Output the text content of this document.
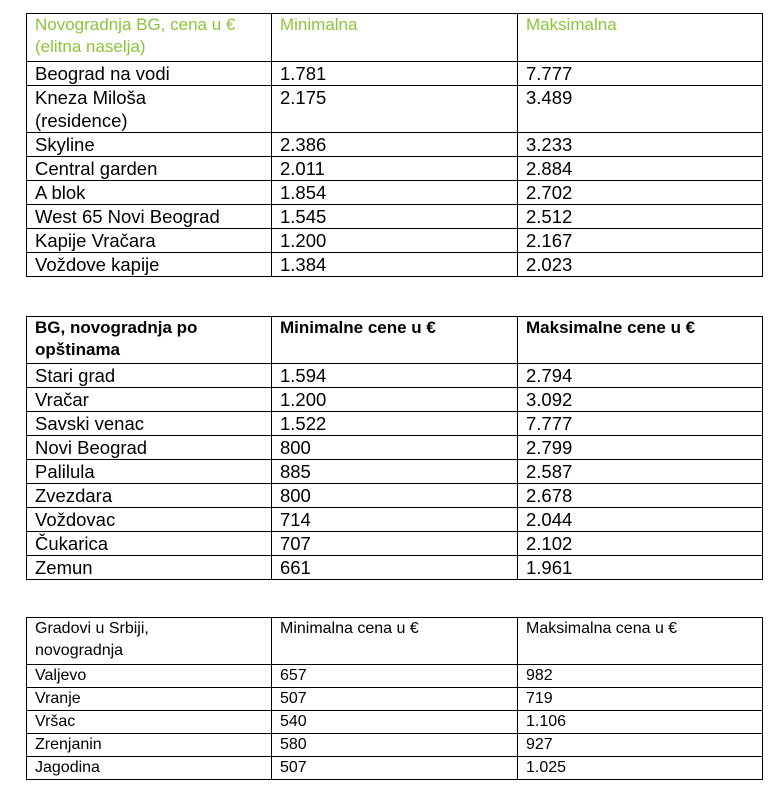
Novogradnja BG, cena u €
(elitna naselja)	Minimalna	Maksimalna
Beograd na vodi	1.781	7.777
Kneza Miloša
(residence)	2.175	3.489
Skyline	2.386	3.233
Central garden	2.011	2.884
A blok	1.854	2.702
West 65 Novi Beograd	1.545	2.512
Kapije Vračara	1.200	2.167
Voždove kapije	1.384	2.023
BG, novogradnja po
opštinama	Minimalne cene u €	Maksimalne cene u €
Stari grad	1.594	2.794
Vračar	1.200	3.092
Savski venac	1.522	7.777
Novi Beograd	800	2.799
Palilula	885	2.587
Zvezdara	800	2.678
Voždovac	714	2.044
Čukarica	707	2.102
Zemun	661	1.961
Gradovi u Srbiji,
novogradnja	Minimalna cena u €	Maksimalna cena u €
Valjevo	657	982
Vranje	507	719
Vršac	540	1.106
Zrenjanin	580	927
Jagodina	507	1.025
